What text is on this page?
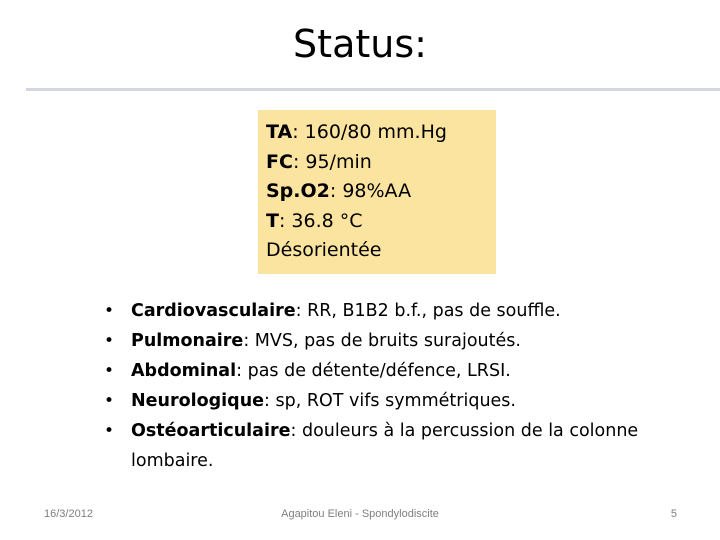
Status:
TA: 160/80 mm.Hg
FC: 95/min
Sp.O2: 98%AA
T: 36.8 °C
Désorientée
• Cardiovasculaire: RR, B1B2 b.f., pas de souffle.
• Pulmonaire: MVS, pas de bruits surajoutés.
• Abdominal: pas de détente/défence, LRSI.
• Neurologique: sp, ROT vifs symmétriques.
• Ostéoarticulaire: douleurs à la percussion de la colonne lombaire.
16/3/2012	Agapitou Eleni - Spondylodiscite	5
